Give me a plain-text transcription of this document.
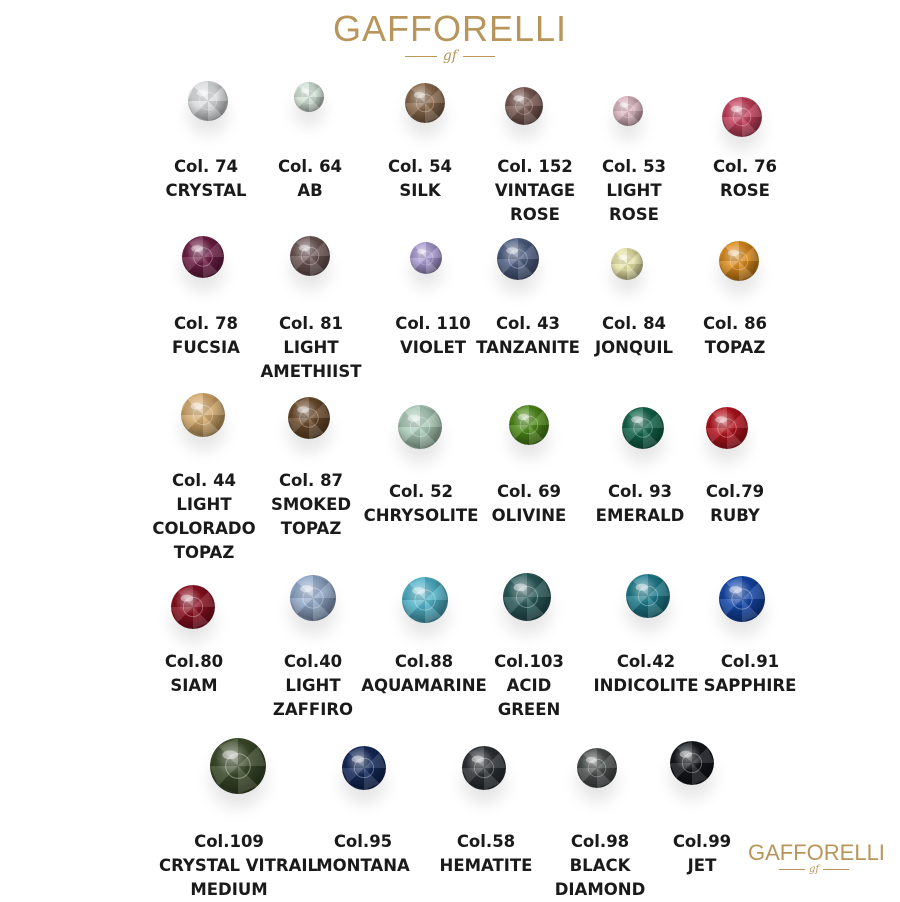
GAFFORELLI
gf
Col. 74
CRYSTAL
Col. 64
AB
Col. 54
SILK
Col. 152
VINTAGE
ROSE
Col. 53
LIGHT
ROSE
Col. 76
ROSE
Col. 78
FUCSIA
Col. 81
LIGHT
AMETHIIST
Col. 110
VIOLET
Col. 43
TANZANITE
Col. 84
JONQUIL
Col. 86
TOPAZ
Col. 44
LIGHT
COLORADO
TOPAZ
Col. 87
SMOKED
TOPAZ
Col. 52
CHRYSOLITE
Col. 69
OLIVINE
Col. 93
EMERALD
Col.79
RUBY
Col.80
SIAM
Col.40
LIGHT
ZAFFIRO
Col.88
AQUAMARINE
Col.103
ACID
GREEN
Col.42
INDICOLITE
Col.91
SAPPHIRE
Col.109
CRYSTAL VITRAIL
MEDIUM
Col.95
MONTANA
Col.58
HEMATITE
Col.98
BLACK
DIAMOND
Col.99
JET
GAFFORELLI
gf
